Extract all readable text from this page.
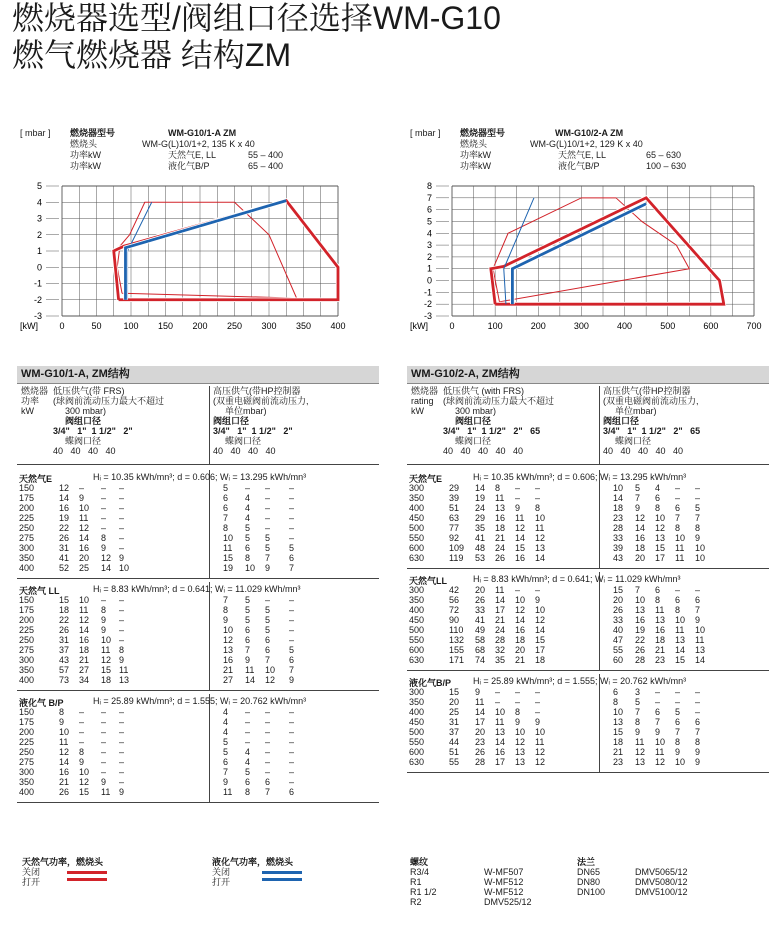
燃烧器选型/阀组口径选择WM-G10
燃气燃烧器 结构ZM
[ mbar ] 燃烧器型号	WM-G10/1-A ZM
燃烧头	WM-G(L)10/1+2, 135 K x 40
功率kW	天然气E, LL	55 – 400
功率kW	液化气B/P	65 – 400
5
4
3
2
1
0
-1
-2
-3
0	50 100 150 200 250 300 350 400
[kW]
[ mbar ] 燃烧器型号	WM-G10/2-A ZM
燃烧头	WM-G(L)10/1+2, 129 K x 40
功率kW	天然气E, LL	65 – 630
功率kW	液化气B/P	100 – 630
8
7
6
5
4
3
2
1
0
-1
-2
-3
0	100	200	300	400	500	600	700
[kW]
WM-G10/1-A, ZM结构
燃烧器
功率
kW
低压供气(带 FRS)
(球阀前流动压力最大不超过
300 mbar)
阀组口径
3/4"   1"  1 1/2"   2"
蝶阀口径
40   40   40   40
高压供气(带HP控制器
(双重电磁阀前流动压力,
单位mbar)
阀组口径
3/4"   1"  1 1/2"   2"
蝶阀口径
40   40   40   40
天然气E	Hᵢ = 10.35 kWh/mn³; d = 0.606; Wᵢ = 13.295 kWh/mn³
150	12 – – –	5 – – –
175	14 9 – –	6 4 – –
200	16 10 – –	6 4 – –
225	19 11 – –	7 4 – –
250	22 12 – –	8 5 – –
275	26 14 8 –	10 5 5 –
300	31 16 9 –	11 6 5 5
350	41 20 12 9	15 8 7 6
400	52 25 14 10	19 10 9 7
天然气 LL	Hᵢ = 8.83 kWh/mn³; d = 0.641; Wᵢ = 11.029 kWh/mn³
150	15 10 – –	7 5 – –
175	18 11 8 –	8 5 5 –
200	22 12 9 –	9 5 5 –
225	26 14 9 –	10 6 5 –
250	31 16 10 –	12 6 6 –
275	37 18 11 8	13 7 6 5
300	43 21 12 9	16 9 7 6
350	57 27 15 11	21 11 10 7
400	73 34 18 13	27 14 12 9
液化气 B/P	Hᵢ = 25.89 kWh/mn³; d = 1.555; Wᵢ = 20.762 kWh/mn³
150	8 – – –	4 – – –
175	9 – – –	4 – – –
200	10 – – –	4 – – –
225	11 – – –	5 – – –
250	12 8 – –	5 4 – –
275	14 9 – –	6 4 – –
300	16 10 – –	7 5 – –
350	21 12 9 –	9 6 6 –
400	26 15 11 9	11 8 7 6
WM-G10/2-A, ZM结构
燃烧器
rating
kW
低压供气 (with FRS)
(球阀前流动压力最大不超过
300 mbar)
阀组口径
3/4"   1"  1 1/2"   2"   65
蝶阀口径
40   40   40   40   40
高压供气(带HP控制器
(双重电磁阀前流动压力,
单位mbar)
阀组口径
3/4"   1"  1 1/2"   2"   65
蝶阀口径
40   40   40   40   40
天然气E	Hᵢ = 10.35 kWh/mn³; d = 0.606; Wᵢ = 13.295 kWh/mn³
300	29 14 8 – –	10 5 4 – –
350	39 19 11 – –	14 7 6 – –
400	51 24 13 9 8	18 9 8 6 5
450	63 29 16 11 10	23 12 10 7 7
500	77 35 18 12 11	28 14 12 8 8
550	92 41 21 14 12	33 16 13 10 9
600	109 48 24 15 13	39 18 15 11 10
630	119 53 26 16 14	43 20 17 11 10
天然气LL	Hᵢ = 8.83 kWh/mn³; d = 0.641; Wᵢ = 11.029 kWh/mn³
300	42 20 11 – –	15 7 6 – –
350	56 26 14 10 9	20 10 8 6 6
400	72 33 17 12 10	26 13 11 8 7
450	90 41 21 14 12	33 16 13 10 9
500	110 49 24 16 14	40 19 16 11 10
550	132 58 28 18 15	47 22 18 13 11
600	155 68 32 20 17	55 26 21 14 13
630	171 74 35 21 18	60 28 23 15 14
液化气B/P Hᵢ = 25.89 kWh/mn³; d = 1.555; Wᵢ = 20.762 kWh/mn³
300	15 9 – – –	6 3 – – –
350	20 11 – – –	8 5 – – –
400	25 14 10 8 –	10 7 6 5 –
450	31 17 11 9 9	13 8 7 6 6
500	37 20 13 10 10	15 9 9 7 7
550	44 23 14 12 11	18 11 10 8 8
600	51 26 16 13 12	21 12 11 9 9
630	55 28 17 13 12	23 13 12 10 9
天然气功率，燃烧头
关闭
打开
液化气功率，燃烧头
关闭
打开
螺纹
R3/4	W-MF507
R1	W-MF512
R1 1/2	W-MF512
R2	DMV525/12
法兰
DN65	DMV5065/12
DN80	DMV5080/12
DN100	DMV5100/12
